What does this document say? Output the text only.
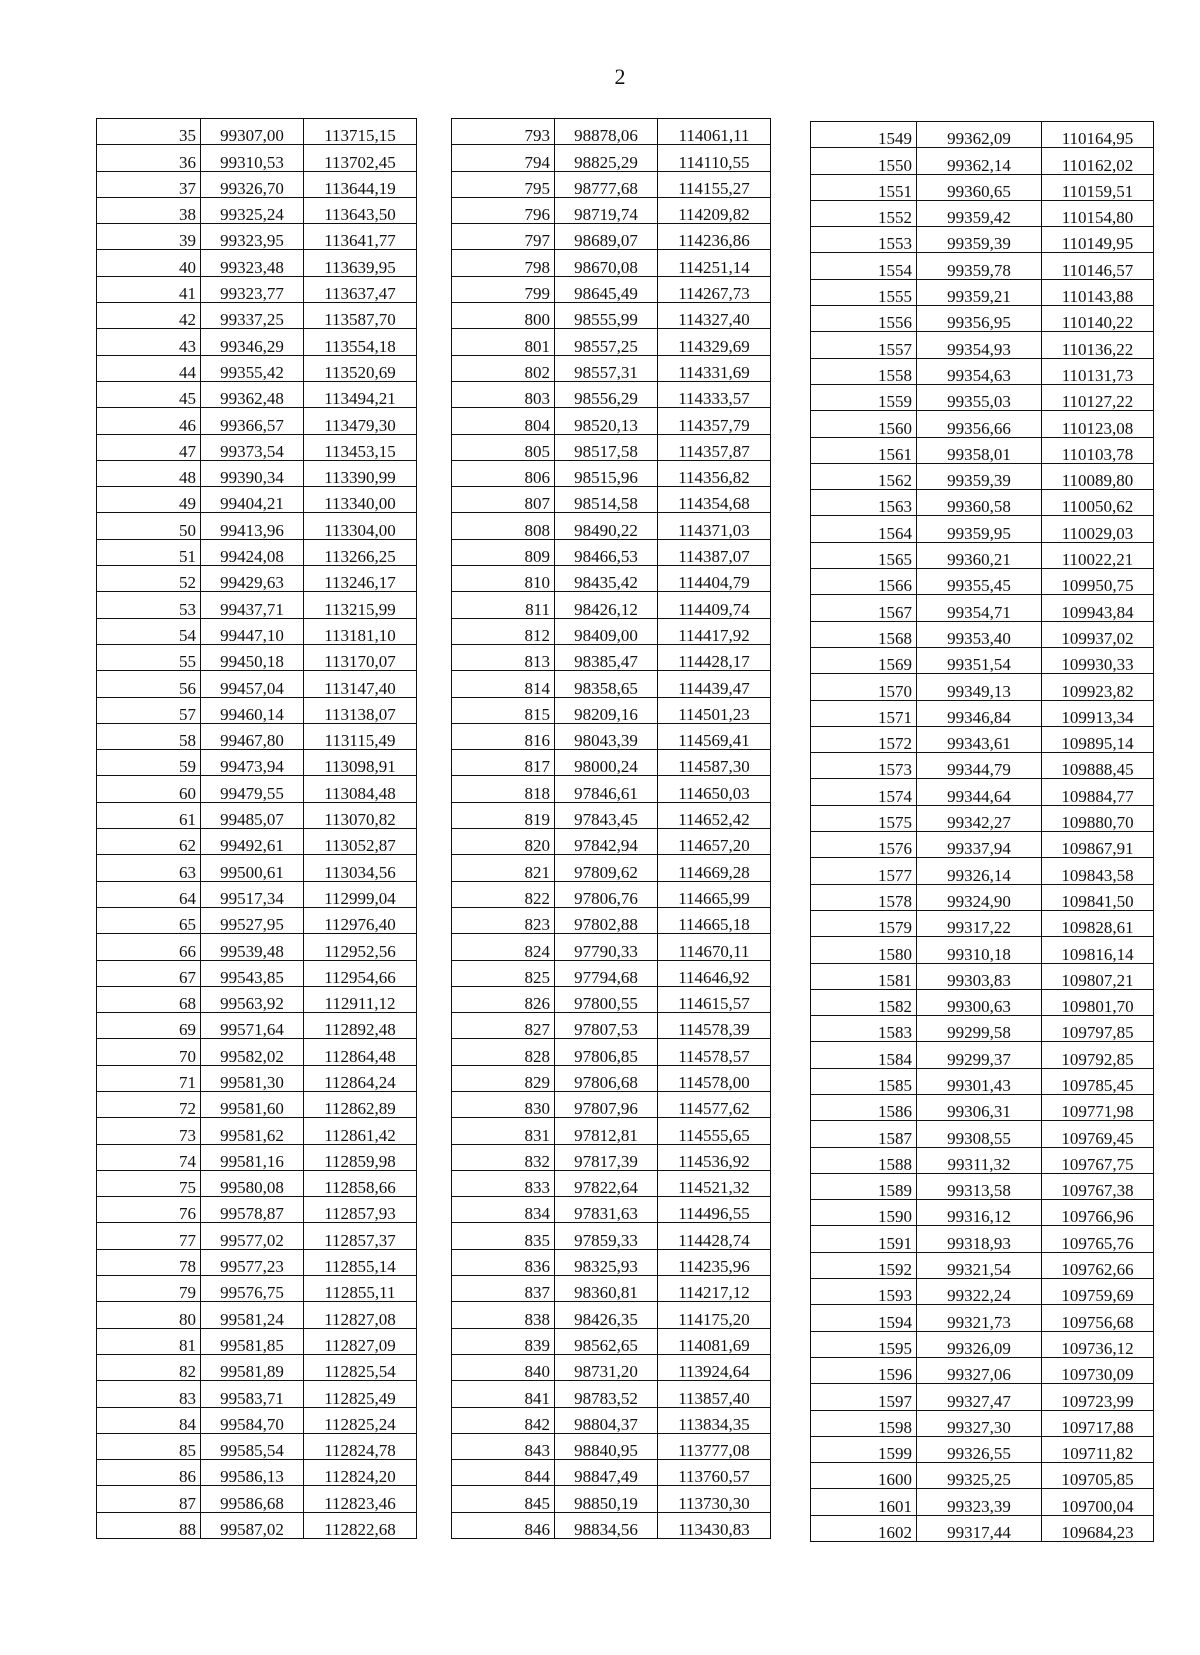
2
35	99307,00	113715,15
36	99310,53	113702,45
37	99326,70	113644,19
38	99325,24	113643,50
39	99323,95	113641,77
40	99323,48	113639,95
41	99323,77	113637,47
42	99337,25	113587,70
43	99346,29	113554,18
44	99355,42	113520,69
45	99362,48	113494,21
46	99366,57	113479,30
47	99373,54	113453,15
48	99390,34	113390,99
49	99404,21	113340,00
50	99413,96	113304,00
51	99424,08	113266,25
52	99429,63	113246,17
53	99437,71	113215,99
54	99447,10	113181,10
55	99450,18	113170,07
56	99457,04	113147,40
57	99460,14	113138,07
58	99467,80	113115,49
59	99473,94	113098,91
60	99479,55	113084,48
61	99485,07	113070,82
62	99492,61	113052,87
63	99500,61	113034,56
64	99517,34	112999,04
65	99527,95	112976,40
66	99539,48	112952,56
67	99543,85	112954,66
68	99563,92	112911,12
69	99571,64	112892,48
70	99582,02	112864,48
71	99581,30	112864,24
72	99581,60	112862,89
73	99581,62	112861,42
74	99581,16	112859,98
75	99580,08	112858,66
76	99578,87	112857,93
77	99577,02	112857,37
78	99577,23	112855,14
79	99576,75	112855,11
80	99581,24	112827,08
81	99581,85	112827,09
82	99581,89	112825,54
83	99583,71	112825,49
84	99584,70	112825,24
85	99585,54	112824,78
86	99586,13	112824,20
87	99586,68	112823,46
88	99587,02	112822,68
793	98878,06	114061,11
794	98825,29	114110,55
795	98777,68	114155,27
796	98719,74	114209,82
797	98689,07	114236,86
798	98670,08	114251,14
799	98645,49	114267,73
800	98555,99	114327,40
801	98557,25	114329,69
802	98557,31	114331,69
803	98556,29	114333,57
804	98520,13	114357,79
805	98517,58	114357,87
806	98515,96	114356,82
807	98514,58	114354,68
808	98490,22	114371,03
809	98466,53	114387,07
810	98435,42	114404,79
811	98426,12	114409,74
812	98409,00	114417,92
813	98385,47	114428,17
814	98358,65	114439,47
815	98209,16	114501,23
816	98043,39	114569,41
817	98000,24	114587,30
818	97846,61	114650,03
819	97843,45	114652,42
820	97842,94	114657,20
821	97809,62	114669,28
822	97806,76	114665,99
823	97802,88	114665,18
824	97790,33	114670,11
825	97794,68	114646,92
826	97800,55	114615,57
827	97807,53	114578,39
828	97806,85	114578,57
829	97806,68	114578,00
830	97807,96	114577,62
831	97812,81	114555,65
832	97817,39	114536,92
833	97822,64	114521,32
834	97831,63	114496,55
835	97859,33	114428,74
836	98325,93	114235,96
837	98360,81	114217,12
838	98426,35	114175,20
839	98562,65	114081,69
840	98731,20	113924,64
841	98783,52	113857,40
842	98804,37	113834,35
843	98840,95	113777,08
844	98847,49	113760,57
845	98850,19	113730,30
846	98834,56	113430,83
1549	99362,09	110164,95
1550	99362,14	110162,02
1551	99360,65	110159,51
1552	99359,42	110154,80
1553	99359,39	110149,95
1554	99359,78	110146,57
1555	99359,21	110143,88
1556	99356,95	110140,22
1557	99354,93	110136,22
1558	99354,63	110131,73
1559	99355,03	110127,22
1560	99356,66	110123,08
1561	99358,01	110103,78
1562	99359,39	110089,80
1563	99360,58	110050,62
1564	99359,95	110029,03
1565	99360,21	110022,21
1566	99355,45	109950,75
1567	99354,71	109943,84
1568	99353,40	109937,02
1569	99351,54	109930,33
1570	99349,13	109923,82
1571	99346,84	109913,34
1572	99343,61	109895,14
1573	99344,79	109888,45
1574	99344,64	109884,77
1575	99342,27	109880,70
1576	99337,94	109867,91
1577	99326,14	109843,58
1578	99324,90	109841,50
1579	99317,22	109828,61
1580	99310,18	109816,14
1581	99303,83	109807,21
1582	99300,63	109801,70
1583	99299,58	109797,85
1584	99299,37	109792,85
1585	99301,43	109785,45
1586	99306,31	109771,98
1587	99308,55	109769,45
1588	99311,32	109767,75
1589	99313,58	109767,38
1590	99316,12	109766,96
1591	99318,93	109765,76
1592	99321,54	109762,66
1593	99322,24	109759,69
1594	99321,73	109756,68
1595	99326,09	109736,12
1596	99327,06	109730,09
1597	99327,47	109723,99
1598	99327,30	109717,88
1599	99326,55	109711,82
1600	99325,25	109705,85
1601	99323,39	109700,04
1602	99317,44	109684,23
